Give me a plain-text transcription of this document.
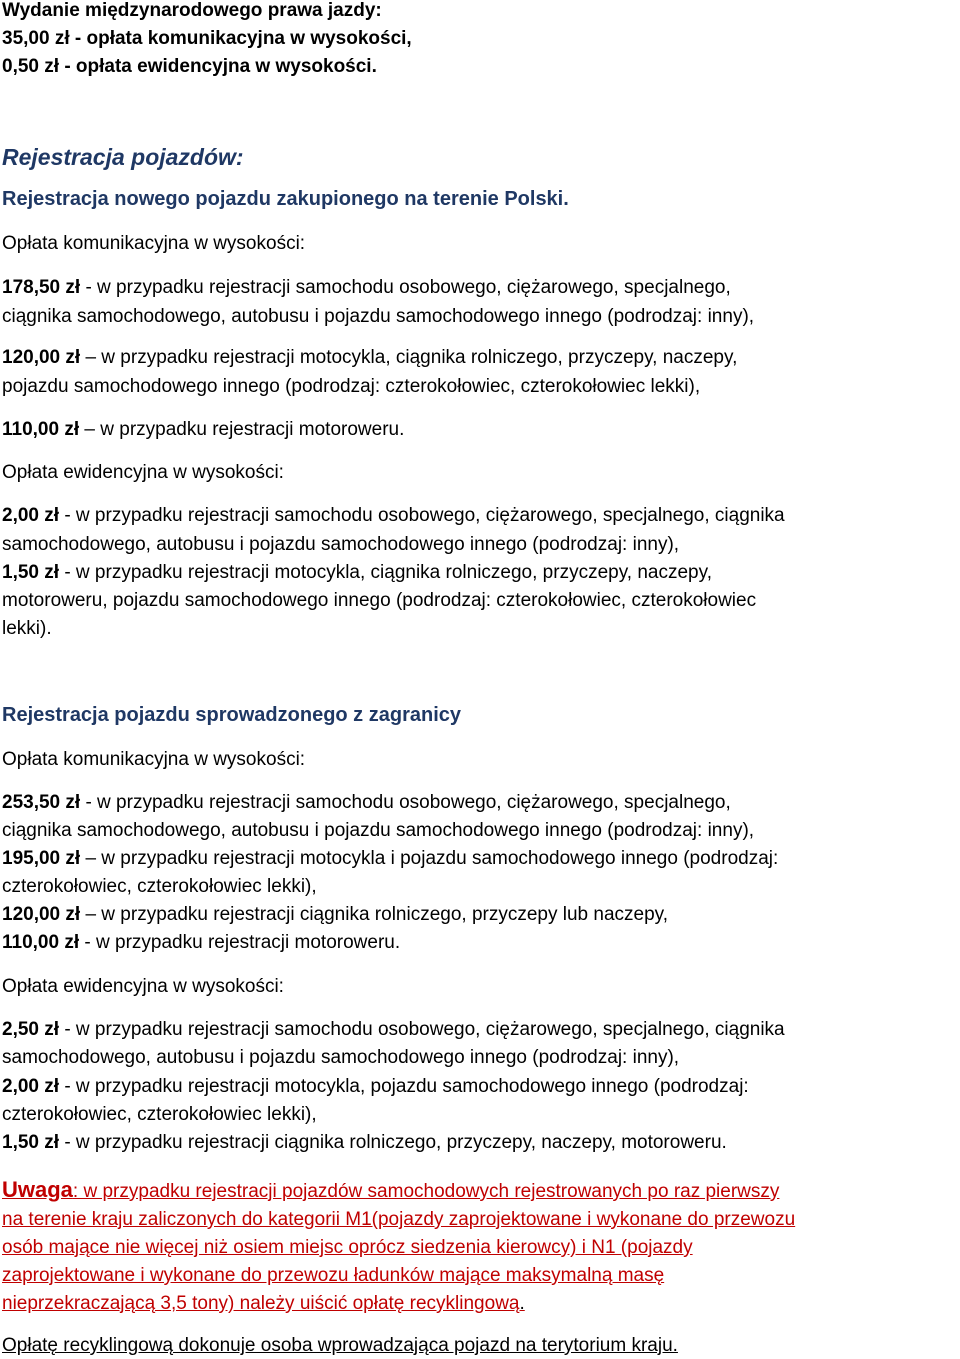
Wydanie międzynarodowego prawa jazdy:
35,00 zł - opłata komunikacyjna w wysokości,
0,50 zł - opłata ewidencyjna w wysokości.
Rejestracja pojazdów:
Rejestracja nowego pojazdu zakupionego na terenie Polski.
Opłata komunikacyjna w wysokości:
178,50 zł - w przypadku rejestracji samochodu osobowego, ciężarowego, specjalnego,
ciągnika samochodowego, autobusu i pojazdu samochodowego innego (podrodzaj: inny),
120,00 zł – w przypadku rejestracji motocykla, ciągnika rolniczego, przyczepy, naczepy,
pojazdu samochodowego innego (podrodzaj: czterokołowiec, czterokołowiec lekki),
110,00 zł – w przypadku rejestracji motoroweru.
Opłata ewidencyjna w wysokości:
2,00 zł - w przypadku rejestracji samochodu osobowego, ciężarowego, specjalnego, ciągnika
samochodowego, autobusu i pojazdu samochodowego innego (podrodzaj: inny),
1,50 zł - w przypadku rejestracji motocykla, ciągnika rolniczego, przyczepy, naczepy,
motoroweru, pojazdu samochodowego innego (podrodzaj: czterokołowiec, czterokołowiec
lekki).
Rejestracja pojazdu sprowadzonego z zagranicy
Opłata komunikacyjna w wysokości:
253,50 zł - w przypadku rejestracji samochodu osobowego, ciężarowego, specjalnego,
ciągnika samochodowego, autobusu i pojazdu samochodowego innego (podrodzaj: inny),
195,00 zł – w przypadku rejestracji motocykla i pojazdu samochodowego innego (podrodzaj:
czterokołowiec, czterokołowiec lekki),
120,00 zł – w przypadku rejestracji ciągnika rolniczego, przyczepy lub naczepy,
110,00 zł - w przypadku rejestracji motoroweru.
Opłata ewidencyjna w wysokości:
2,50 zł - w przypadku rejestracji samochodu osobowego, ciężarowego, specjalnego, ciągnika
samochodowego, autobusu i pojazdu samochodowego innego (podrodzaj: inny),
2,00 zł - w przypadku rejestracji motocykla, pojazdu samochodowego innego (podrodzaj:
czterokołowiec, czterokołowiec lekki),
1,50 zł - w przypadku rejestracji ciągnika rolniczego, przyczepy, naczepy, motoroweru.
Uwaga: w przypadku rejestracji pojazdów samochodowych rejestrowanych po raz pierwszy
na terenie kraju zaliczonych do kategorii M1(pojazdy zaprojektowane i wykonane do przewozu
osób mające nie więcej niż osiem miejsc oprócz siedzenia kierowcy) i N1 (pojazdy
zaprojektowane i wykonane do przewozu ładunków mające maksymalną masę
nieprzekraczającą 3,5 tony) należy uiścić opłatę recyklingową.
Opłatę recyklingową dokonuje osoba wprowadzająca pojazd na terytorium kraju.
